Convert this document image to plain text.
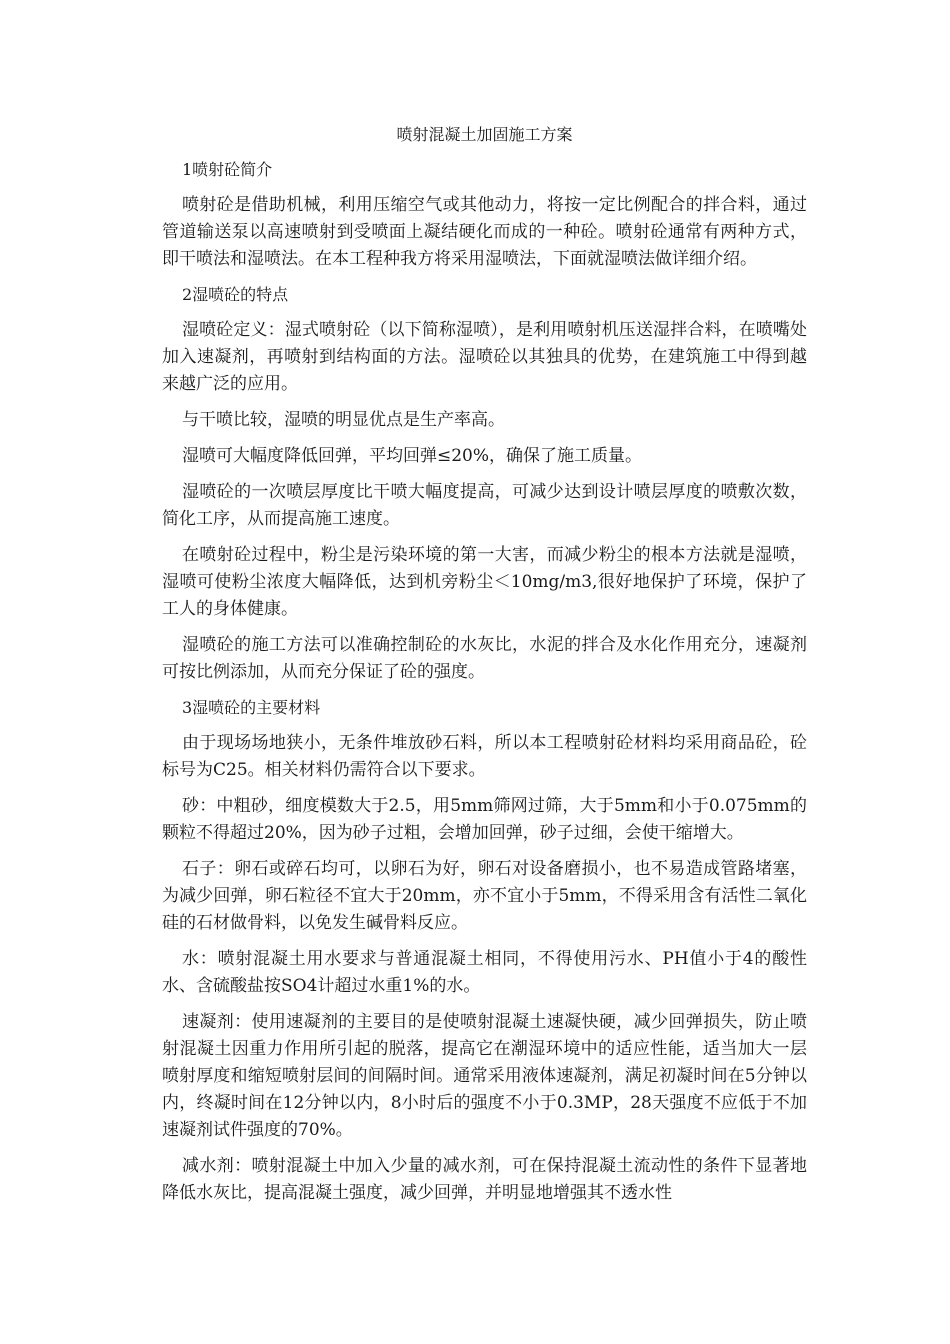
喷射混凝土加固施工方案

1喷射砼简介

喷射砼是借助机械，利用压缩空气或其他动力，将按一定比例配合的拌合料，通过管道输送泵以高速喷射到受喷面上凝结硬化而成的一种砼。喷射砼通常有两种方式，即干喷法和湿喷法。在本工程种我方将采用湿喷法，下面就湿喷法做详细介绍。

2湿喷砼的特点

湿喷砼定义：湿式喷射砼（以下简称湿喷），是利用喷射机压送湿拌合料，在喷嘴处加入速凝剂，再喷射到结构面的方法。湿喷砼以其独具的优势，在建筑施工中得到越来越广泛的应用。

与干喷比较，湿喷的明显优点是生产率高。

湿喷可大幅度降低回弹，平均回弹≤20%，确保了施工质量。

湿喷砼的一次喷层厚度比干喷大幅度提高，可减少达到设计喷层厚度的喷敷次数，简化工序，从而提高施工速度。

在喷射砼过程中，粉尘是污染环境的第一大害，而减少粉尘的根本方法就是湿喷，湿喷可使粉尘浓度大幅降低，达到机旁粉尘＜10mg/m3,很好地保护了环境，保护了工人的身体健康。

湿喷砼的施工方法可以准确控制砼的水灰比，水泥的拌合及水化作用充分，速凝剂可按比例添加，从而充分保证了砼的强度。

3湿喷砼的主要材料

由于现场场地狭小，无条件堆放砂石料，所以本工程喷射砼材料均采用商品砼，砼标号为C25。相关材料仍需符合以下要求。

砂：中粗砂，细度模数大于2.5，用5mm筛网过筛，大于5mm和小于0.075mm的颗粒不得超过20%，因为砂子过粗，会增加回弹，砂子过细，会使干缩增大。

石子：卵石或碎石均可，以卵石为好，卵石对设备磨损小，也不易造成管路堵塞，为减少回弹，卵石粒径不宜大于20mm，亦不宜小于5mm，不得采用含有活性二氧化硅的石材做骨料，以免发生碱骨料反应。

水：喷射混凝土用水要求与普通混凝土相同，不得使用污水、PH值小于4的酸性水、含硫酸盐按SO4计超过水重1%的水。

速凝剂：使用速凝剂的主要目的是使喷射混凝土速凝快硬，减少回弹损失，防止喷射混凝土因重力作用所引起的脱落，提高它在潮湿环境中的适应性能，适当加大一层喷射厚度和缩短喷射层间的间隔时间。通常采用液体速凝剂，满足初凝时间在5分钟以内，终凝时间在12分钟以内，8小时后的强度不小于0.3MP，28天强度不应低于不加速凝剂试件强度的70%。

减水剂：喷射混凝土中加入少量的减水剂，可在保持混凝土流动性的条件下显著地降低水灰比，提高混凝土强度，减少回弹，并明显地增强其不透水性
